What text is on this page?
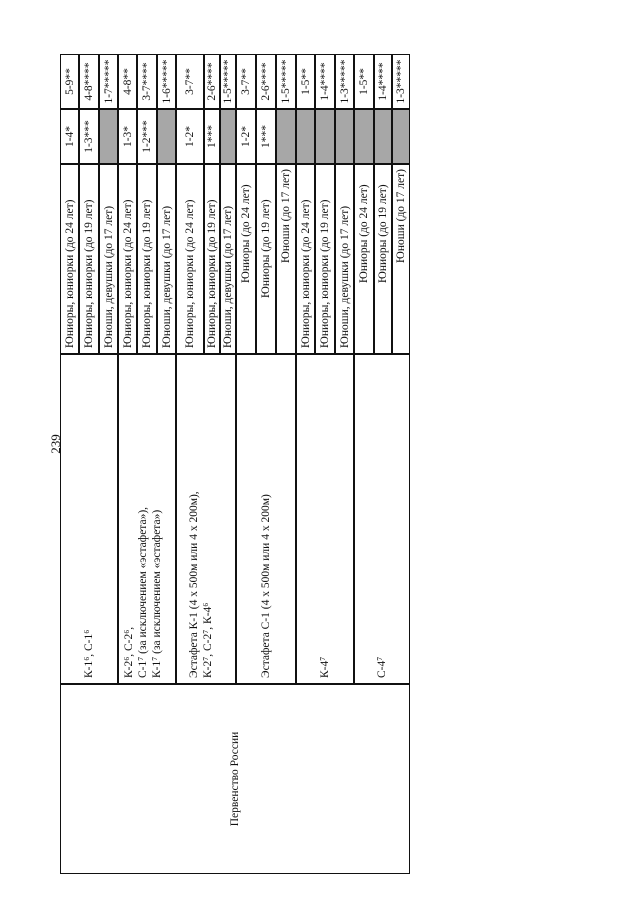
239
Первенство России
К-1⁶, С-1⁶
Юниоры, юниорки (до 24 лет)
1-4*
5-9**
Юниоры, юниорки (до 19 лет)
1-3***
4-8****
Юноши, девушки (до 17 лет)
1-7*****
К-2⁶, С-2⁶, С-1⁷ (за исключением «эстафета»), К-1⁷ (за исключением «эстафета»)
Юниоры, юниорки (до 24 лет)
1-3*
4-8**
Юниоры, юниорки (до 19 лет)
1-2***
3-7****
Юноши, девушки (до 17 лет)
1-6*****
Эстафета К-1 (4 x 500м или 4 x 200м), К-2⁷, С-2⁷, К-4⁶
Юниоры, юниорки (до 24 лет)
1-2*
3-7**
Юниоры, юниорки (до 19 лет)
1***
2-6****
Юноши, девушки (до 17 лет)
1-5*****
Эстафета С-1 (4 x 500м или 4 x 200м)
Юниоры (до 24 лет)
1-2*
3-7**
Юниоры (до 19 лет)
1***
2-6****
Юноши (до 17 лет)
1-5*****
К-4⁷
Юниоры, юниорки (до 24 лет)
1-5**
Юниоры, юниорки (до 19 лет)
1-4****
Юноши, девушки (до 17 лет)
1-3*****
С-4⁷
Юниоры (до 24 лет)
1-5**
Юниоры (до 19 лет)
1-4****
Юноши (до 17 лет)
1-3*****
